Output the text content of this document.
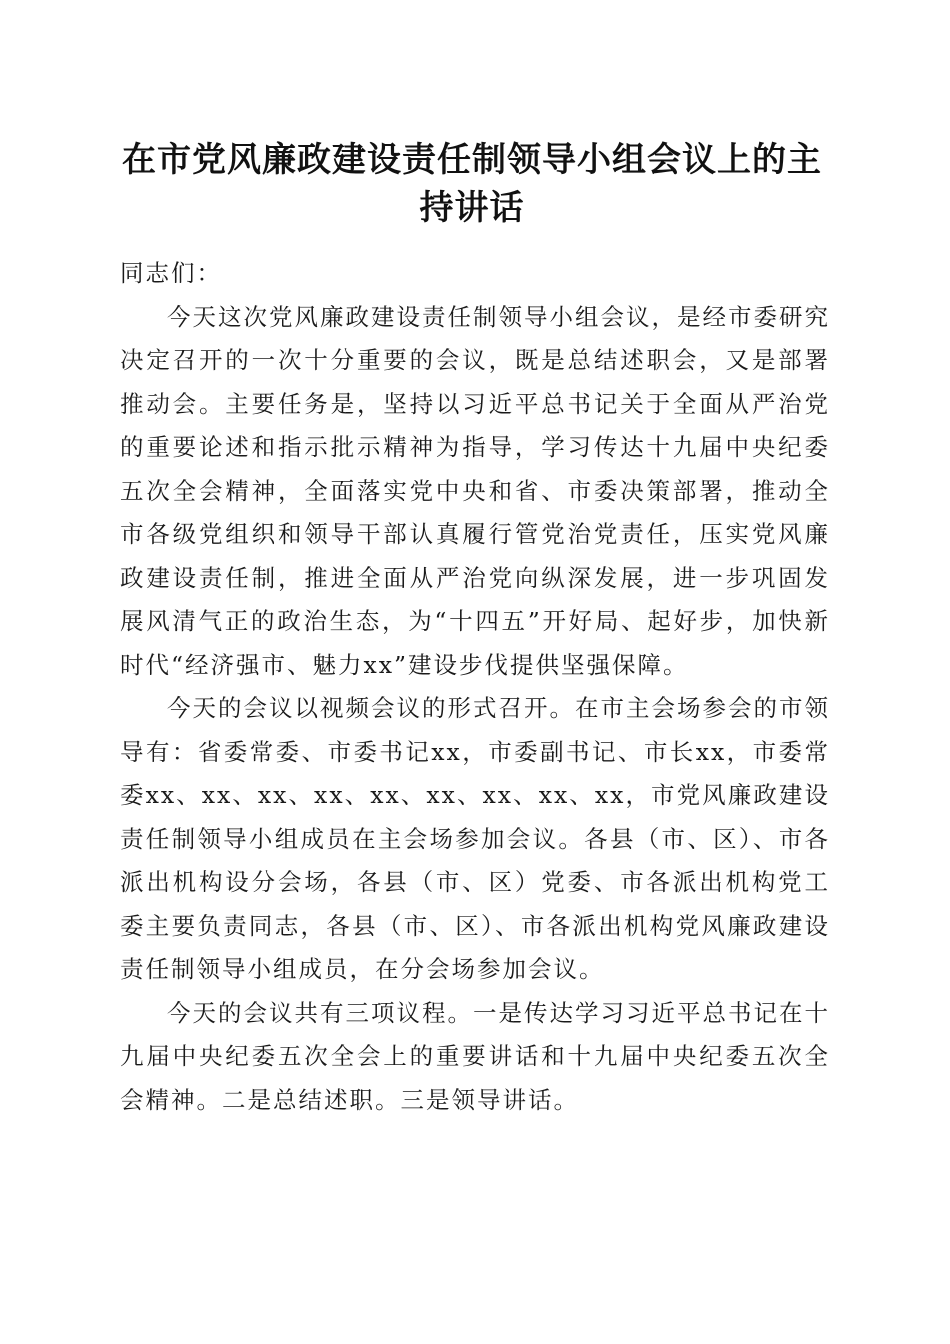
在市党风廉政建设责任制领导小组会议上的主持讲话

同志们：

今天这次党风廉政建设责任制领导小组会议，是经市委研究决定召开的一次十分重要的会议，既是总结述职会，又是部署推动会。主要任务是，坚持以习近平总书记关于全面从严治党的重要论述和指示批示精神为指导，学习传达十九届中央纪委五次全会精神，全面落实党中央和省、市委决策部署，推动全市各级党组织和领导干部认真履行管党治党责任，压实党风廉政建设责任制，推进全面从严治党向纵深发展，进一步巩固发展风清气正的政治生态，为“十四五”开好局、起好步，加快新时代“经济强市、魅力xx”建设步伐提供坚强保障。

今天的会议以视频会议的形式召开。在市主会场参会的市领导有：省委常委、市委书记xx，市委副书记、市长xx，市委常委xx、xx、xx、xx、xx、xx、xx、xx、xx，市党风廉政建设责任制领导小组成员在主会场参加会议。各县（市、区）、市各派出机构设分会场，各县（市、区）党委、市各派出机构党工委主要负责同志，各县（市、区）、市各派出机构党风廉政建设责任制领导小组成员，在分会场参加会议。

今天的会议共有三项议程。一是传达学习习近平总书记在十九届中央纪委五次全会上的重要讲话和十九届中央纪委五次全会精神。二是总结述职。三是领导讲话。
